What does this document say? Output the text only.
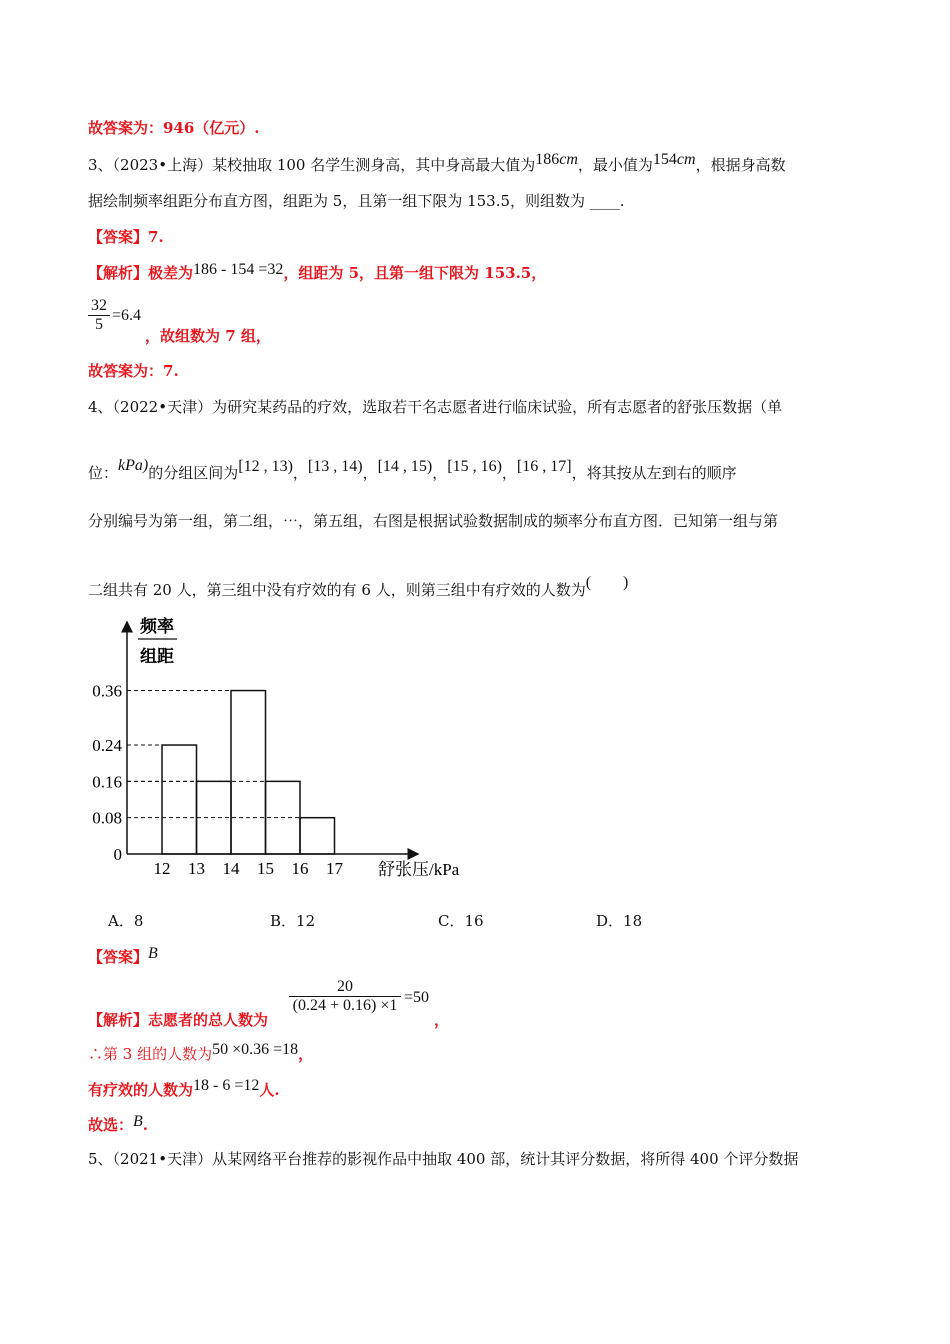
故答案为：946（亿元）.
3、（2023•上海）某校抽取 100 名学生测身高，其中身高最大值为186cm，最小值为154cm，根据身高数
据绘制频率组距分布直方图，组距为 5，且第一组下限为 153.5，则组数为 ____.
【答案】7.
【解析】极差为186 - 154 =32，组距为 5，且第一组下限为 153.5，
$\frac{32}{5} =6.4$
，故组数为 7 组，
故答案为：7.
4、（2022•天津）为研究某药品的疗效，选取若干名志愿者进行临床试验，所有志愿者的舒张压数据（单
位：kPa)的分组区间为[12 , 13)，[13 , 14)，[14 , 15)，[15 , 16)，[16 , 17]，将其按从左到右的顺序
分别编号为第一组，第二组，⋯，第五组，右图是根据试验数据制成的频率分布直方图．已知第一组与第
二组共有 20 人，第三组中没有疗效的有 6 人，则第三组中有疗效的人数为(　　)
12 13 14 15 16 17
0
0.08
0.16
0.24
0.36
频率
组距
舒张压/kPa
A．8	B．12	C．16	D．18
【答案】B
【解析】志愿者的总人数为
$\frac{20}{(0.24 + 0.16) \times 1} =50$
，
∴第 3 组的人数为50 ×0.36 =18，
有疗效的人数为18 - 6 =12人.
故选：B.
5、（2021•天津）从某网络平台推荐的影视作品中抽取 400 部，统计其评分数据，将所得 400 个评分数据
